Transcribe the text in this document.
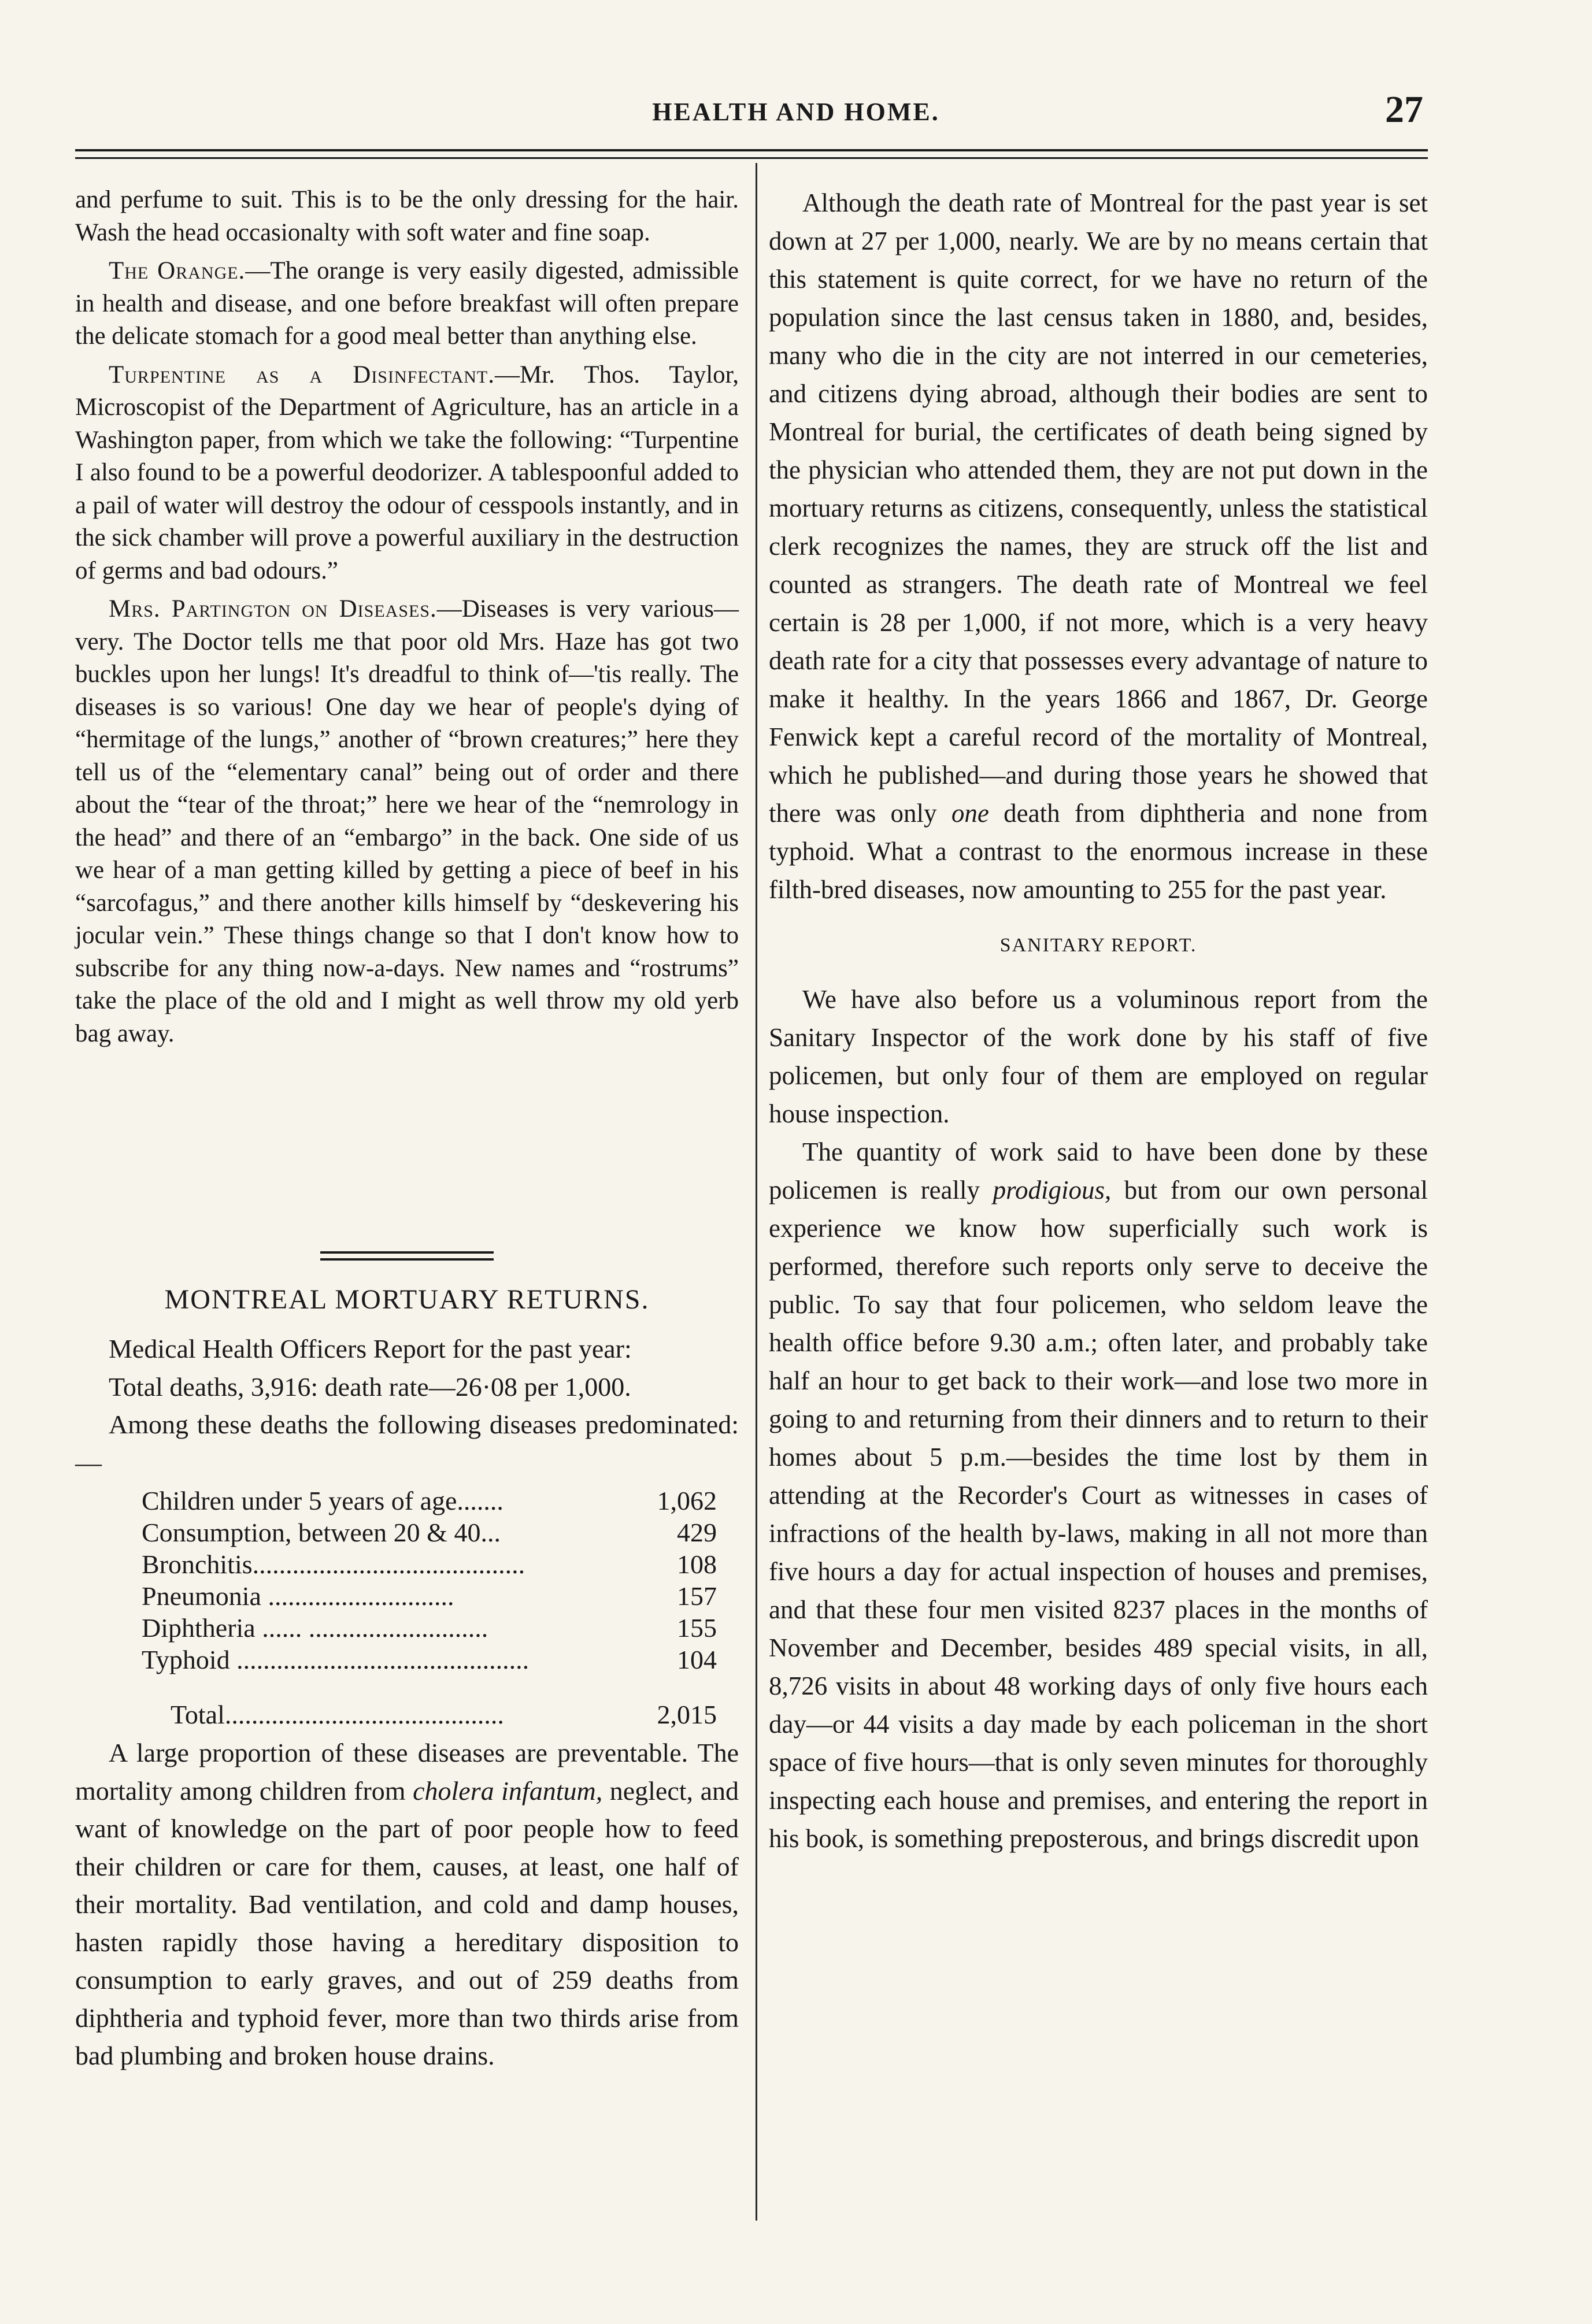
HEALTH AND HOME.	27

and perfume to suit. This is to be the only dressing for the hair. Wash the head occasionalty with soft water and fine soap.

The Orange.—The orange is very easily digested, admissible in health and disease, and one before breakfast will often prepare the delicate stomach for a good meal better than anything else.

Turpentine as a Disinfectant.—Mr. Thos. Taylor, Microscopist of the Department of Agriculture, has an article in a Washington paper, from which we take the following: “Turpentine I also found to be a powerful deodorizer. A tablespoonful added to a pail of water will destroy the odour of cesspools instantly, and in the sick chamber will prove a powerful auxiliary in the destruction of germs and bad odours.”

Mrs. Partington on Diseases.—Diseases is very various—very. The Doctor tells me that poor old Mrs. Haze has got two buckles upon her lungs! It's dreadful to think of—'tis really. The diseases is so various! One day we hear of people's dying of “hermitage of the lungs,” another of “brown creatures;” here they tell us of the “elementary canal” being out of order and there about the “tear of the throat;” here we hear of the “nemrology in the head” and there of an “embargo” in the back. One side of us we hear of a man getting killed by getting a piece of beef in his “sarcofagus,” and there another kills himself by “deskevering his jocular vein.” These things change so that I don't know how to subscribe for any thing now-a-days. New names and “rostrums” take the place of the old and I might as well throw my old yerb bag away.

MONTREAL MORTUARY RETURNS.

Medical Health Officers Report for the past year:

Total deaths, 3,916: death rate—26·08 per 1,000.

Among these deaths the following diseases predominated:—

Children under 5 years of age.......	1,062
Consumption, between 20 & 40...	429
Bronchitis.........................................	108
Pneumonia ............................	157
Diphtheria ...... ...........................	155
Typhoid ............................................	104
Total..........................................	2,015

A large proportion of these diseases are preventable. The mortality among children from cholera infantum, neglect, and want of knowledge on the part of poor people how to feed their children or care for them, causes, at least, one half of their mortality. Bad ventilation, and cold and damp houses, hasten rapidly those having a hereditary disposition to consumption to early graves, and out of 259 deaths from diphtheria and typhoid fever, more than two thirds arise from bad plumbing and broken house drains.

Although the death rate of Montreal for the past year is set down at 27 per 1,000, nearly. We are by no means certain that this statement is quite correct, for we have no return of the population since the last census taken in 1880, and, besides, many who die in the city are not interred in our cemeteries, and citizens dying abroad, although their bodies are sent to Montreal for burial, the certificates of death being signed by the physician who attended them, they are not put down in the mortuary returns as citizens, consequently, unless the statistical clerk recognizes the names, they are struck off the list and counted as strangers. The death rate of Montreal we feel certain is 28 per 1,000, if not more, which is a very heavy death rate for a city that possesses every advantage of nature to make it healthy. In the years 1866 and 1867, Dr. George Fenwick kept a careful record of the mortality of Montreal, which he published—and during those years he showed that there was only one death from diphtheria and none from typhoid. What a contrast to the enormous increase in these filth-bred diseases, now amounting to 255 for the past year.

SANITARY REPORT.

We have also before us a voluminous report from the Sanitary Inspector of the work done by his staff of five policemen, but only four of them are employed on regular house inspection.

The quantity of work said to have been done by these policemen is really prodigious, but from our own personal experience we know how superficially such work is performed, therefore such reports only serve to deceive the public. To say that four policemen, who seldom leave the health office before 9.30 a.m.; often later, and probably take half an hour to get back to their work—and lose two more in going to and returning from their dinners and to return to their homes about 5 p.m.—besides the time lost by them in attending at the Recorder's Court as witnesses in cases of infractions of the health by-laws, making in all not more than five hours a day for actual inspection of houses and premises, and that these four men visited 8237 places in the months of November and December, besides 489 special visits, in all, 8,726 visits in about 48 working days of only five hours each day—or 44 visits a day made by each policeman in the short space of five hours—that is only seven minutes for thoroughly inspecting each house and premises, and entering the report in his book, is something preposterous, and brings discredit upon
